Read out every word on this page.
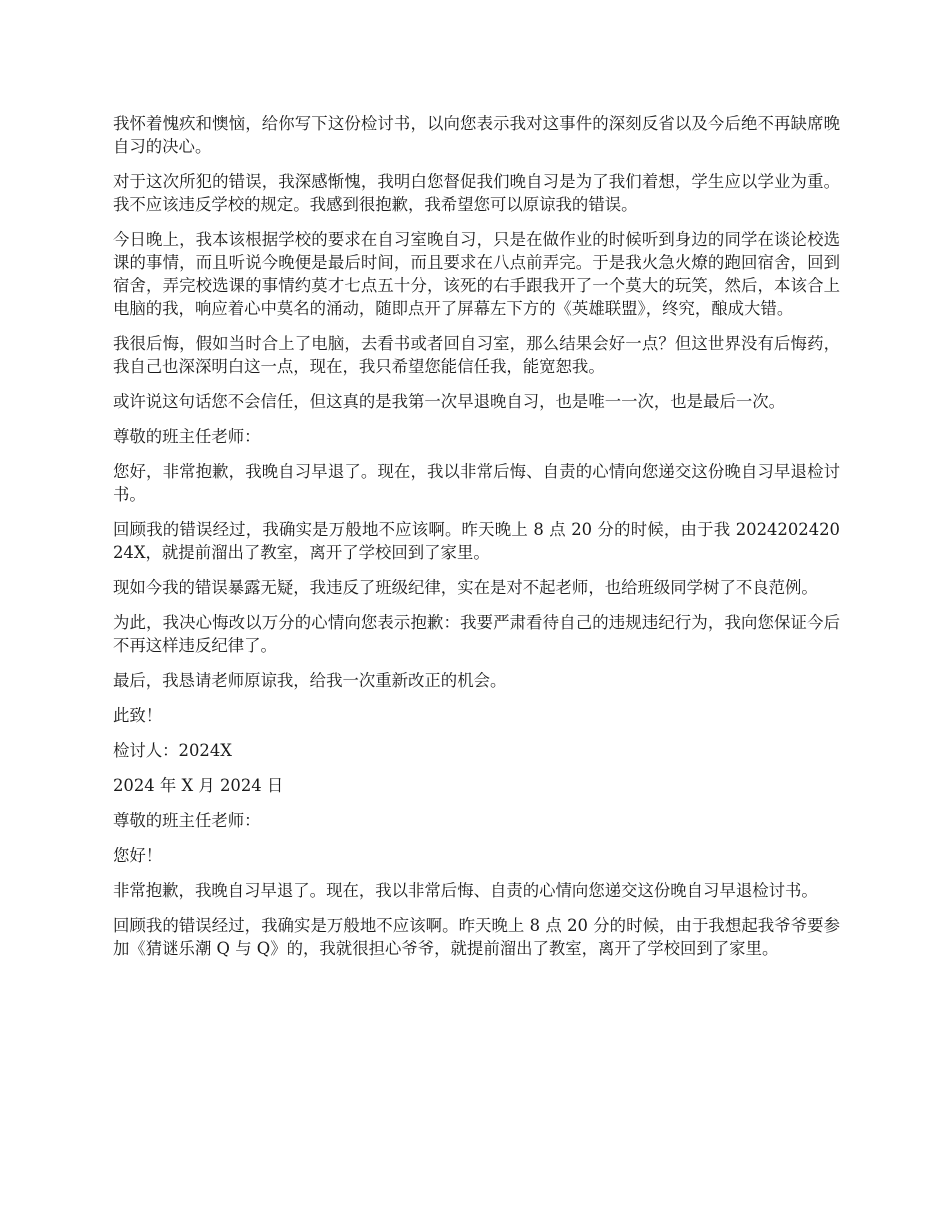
我怀着愧疚和懊恼，给你写下这份检讨书，以向您表示我对这事件的深刻反省以及今后绝不再缺席晚自习的决心。

对于这次所犯的错误，我深感惭愧，我明白您督促我们晚自习是为了我们着想，学生应以学业为重。我不应该违反学校的规定。我感到很抱歉，我希望您可以原谅我的错误。

今日晚上，我本该根据学校的要求在自习室晚自习，只是在做作业的时候听到身边的同学在谈论校选课的事情，而且听说今晚便是最后时间，而且要求在八点前弄完。于是我火急火燎的跑回宿舍，回到宿舍，弄完校选课的事情约莫才七点五十分，该死的右手跟我开了一个莫大的玩笑，然后，本该合上电脑的我，响应着心中莫名的涌动，随即点开了屏幕左下方的《英雄联盟》，终究，酿成大错。

我很后悔，假如当时合上了电脑，去看书或者回自习室，那么结果会好一点？但这世界没有后悔药，我自己也深深明白这一点，现在，我只希望您能信任我，能宽恕我。

或许说这句话您不会信任，但这真的是我第一次早退晚自习，也是唯一一次，也是最后一次。

尊敬的班主任老师：

您好，非常抱歉，我晚自习早退了。现在，我以非常后悔、自责的心情向您递交这份晚自习早退检讨书。

回顾我的错误经过，我确实是万般地不应该啊。昨天晚上 8 点 20 分的时候，由于我 202420242024X，就提前溜出了教室，离开了学校回到了家里。

现如今我的错误暴露无疑，我违反了班级纪律，实在是对不起老师，也给班级同学树了不良范例。

为此，我决心悔改以万分的心情向您表示抱歉：我要严肃看待自己的违规违纪行为，我向您保证今后不再这样违反纪律了。

最后，我恳请老师原谅我，给我一次重新改正的机会。

此致！

检讨人：2024X

2024 年 X 月 2024 日

尊敬的班主任老师：

您好！

非常抱歉，我晚自习早退了。现在，我以非常后悔、自责的心情向您递交这份晚自习早退检讨书。

回顾我的错误经过，我确实是万般地不应该啊。昨天晚上 8 点 20 分的时候，由于我想起我爷爷要参加《猜谜乐潮 Q 与 Q》的，我就很担心爷爷，就提前溜出了教室，离开了学校回到了家里。
